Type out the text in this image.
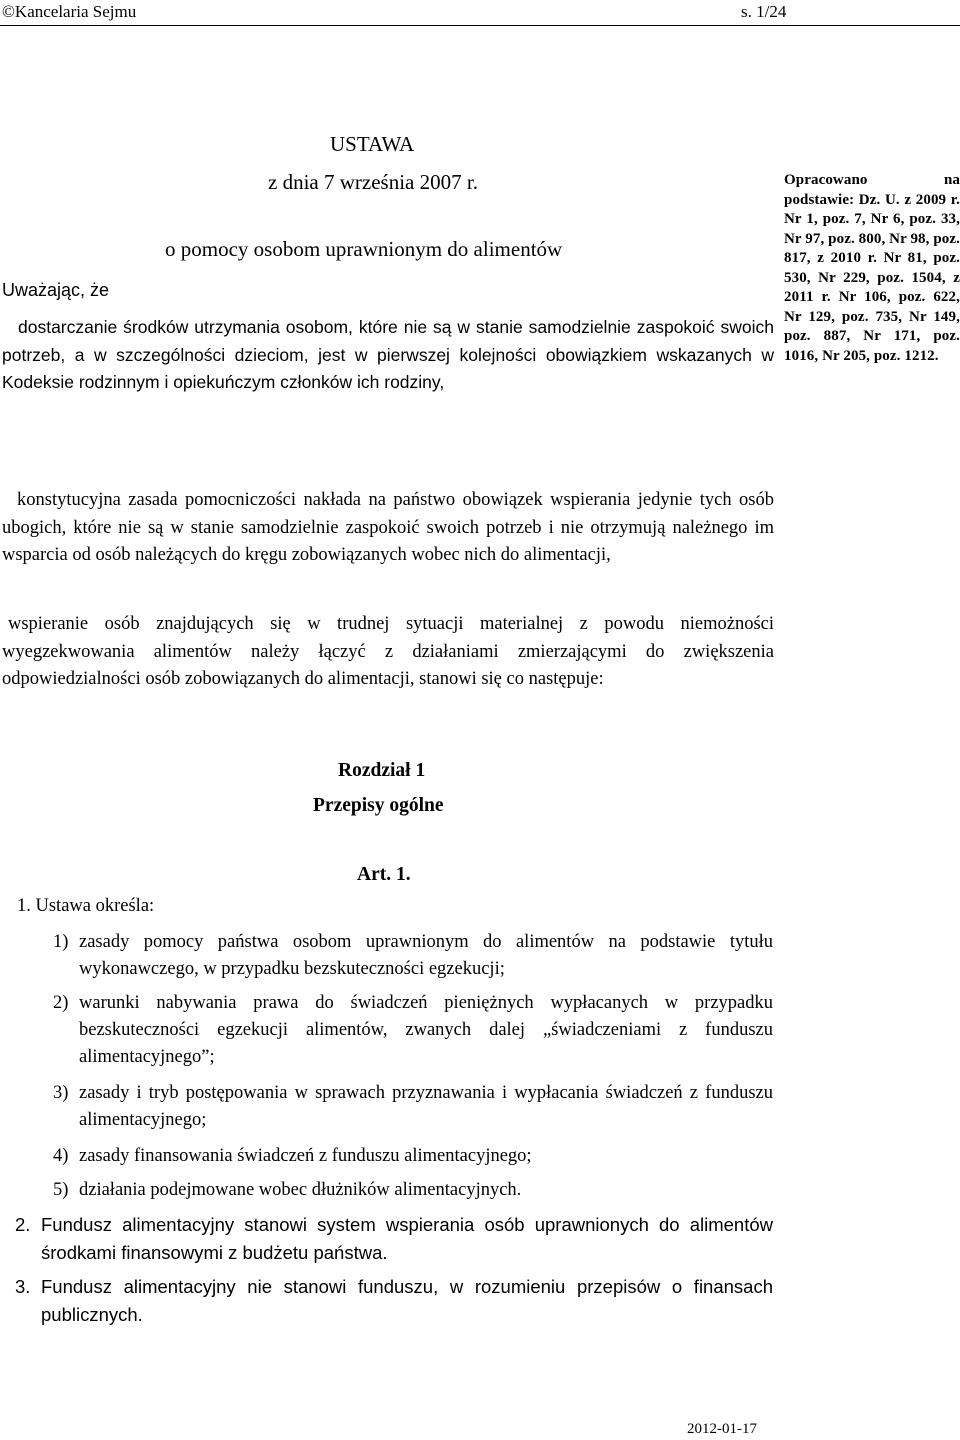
©Kancelaria Sejmu	s. 1/24
USTAWA
z dnia 7 września 2007 r.
o pomocy osobom uprawnionym do alimentów
Opracowano na podstawie: Dz. U. z 2009 r. Nr 1, poz. 7, Nr 6, poz. 33, Nr 97, poz. 800, Nr 98, poz. 817, z 2010 r. Nr 81, poz. 530, Nr 229, poz. 1504, z 2011 r. Nr 106, poz. 622, Nr 129, poz. 735, Nr 149, poz. 887, Nr 171, poz. 1016, Nr 205, poz. 1212.
Uważając, że

dostarczanie środków utrzymania osobom, które nie są w stanie samodzielnie zaspokoić swoich potrzeb, a w szczególności dzieciom, jest w pierwszej kolejności obowiązkiem wskazanych w Kodeksie rodzinnym i opiekuńczym członków ich rodziny,

konstytucyjna zasada pomocniczości nakłada na państwo obowiązek wspierania jedynie tych osób ubogich, które nie są w stanie samodzielnie zaspokoić swoich potrzeb i nie otrzymują należnego im wsparcia od osób należących do kręgu zobowiązanych wobec nich do alimentacji,

wspieranie osób znajdujących się w trudnej sytuacji materialnej z powodu niemożności wyegzekwowania alimentów należy łączyć z działaniami zmierzającymi do zwiększenia odpowiedzialności osób zobowiązanych do alimentacji, stanowi się co następuje:

Rozdział 1
Przepisy ogólne
Art. 1.
1. Ustawa określa:
1) zasady pomocy państwa osobom uprawnionym do alimentów na podstawie tytułu wykonawczego, w przypadku bezskuteczności egzekucji;
2) warunki nabywania prawa do świadczeń pieniężnych wypłacanych w przypadku bezskuteczności egzekucji alimentów, zwanych dalej „świadczeniami z funduszu alimentacyjnego”;
3) zasady i tryb postępowania w sprawach przyznawania i wypłacania świadczeń z funduszu alimentacyjnego;
4) zasady finansowania świadczeń z funduszu alimentacyjnego;
5) działania podejmowane wobec dłużników alimentacyjnych.
2. Fundusz alimentacyjny stanowi system wspierania osób uprawnionych do alimentów środkami finansowymi z budżetu państwa.
3. Fundusz alimentacyjny nie stanowi funduszu, w rozumieniu przepisów o finansach publicznych.
2012-01-17
